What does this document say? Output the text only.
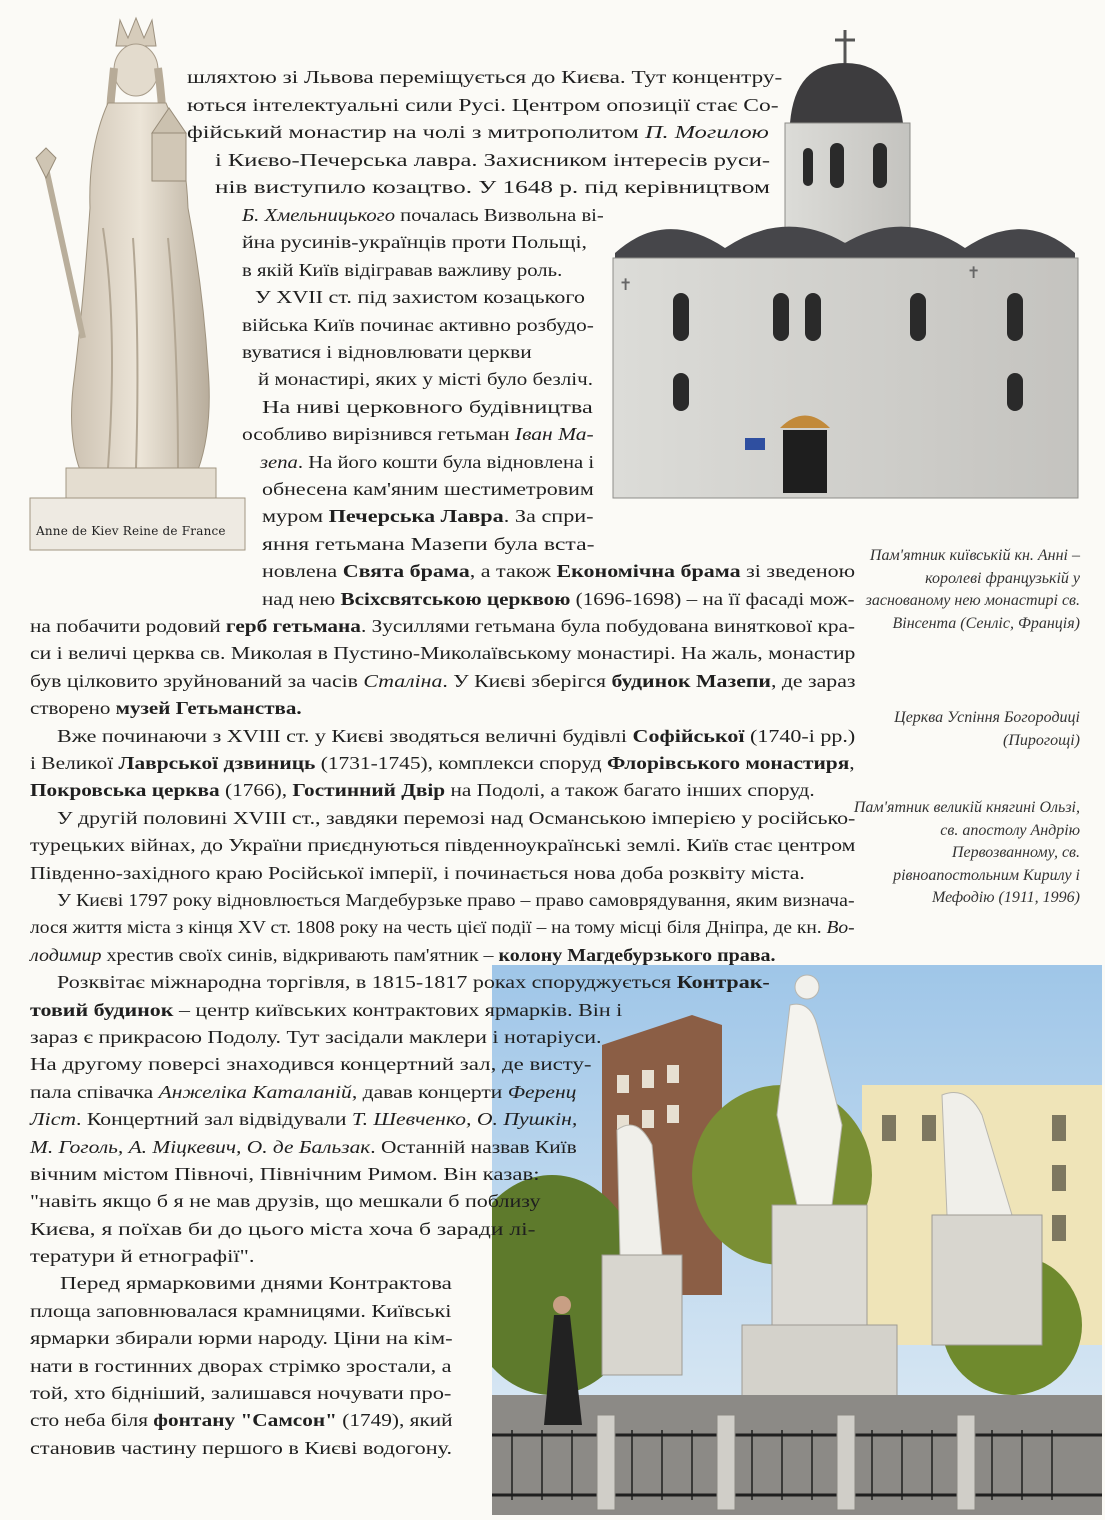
Anne de Kiev Reine de France
✝
✝
шляхтою зі Львова переміщується до Києва. Тут концентру-
ються інтелектуальні сили Русі. Центром опозиції стає Со-
фійський монастир на чолі з митрополитом П. Могилою
і Києво-Печерська лавра. Захисником інтересів руси-
нів виступило козацтво. У 1648 р. під керівництвом
Б. Хмельницького почалась Визвольна ві-
йна русинів-українців проти Польщі,
в якій Київ відігравав важливу роль.
У XVII ст. під захистом козацького
війська Київ починає активно розбудо-
вуватися і відновлювати церкви
й монастирі, яких у місті було безліч.
На ниві церковного будівництва
особливо вирізнився гетьман Іван Ма-
зепа. На його кошти була відновлена і
обнесена кам'яним шестиметровим
муром Печерська Лавра. За спри-
яння гетьмана Мазепи була вста-
новлена Свята брама, а також Економічна брама зі зведеною
над нею Всіхсвятською церквою (1696-1698) – на її фасаді мож-
на побачити родовий герб гетьмана. Зусиллями гетьмана була побудована виняткової кра-
си і величі церква св. Миколая в Пустино-Миколаївському монастирі. На жаль, монастир
був цілковито зруйнований за часів Сталіна. У Києві зберігся будинок Мазепи, де зараз
створено музей Гетьманства.
Вже починаючи з XVIII ст. у Києві зводяться величні будівлі Софійської (1740-і рр.)
і Великої Лаврської дзвиниць (1731-1745), комплекси споруд Флорівського монастиря,
Покровська церква (1766), Гостинний Двір на Подолі, а також багато інших споруд.
У другій половині XVIII ст., завдяки перемозі над Османською імперією у російсько-
турецьких війнах, до України приєднуються південноукраїнські землі. Київ стає центром
Південно-західного краю Російської імперії, і починається нова доба розквіту міста.
У Києві 1797 року відновлюється Магдебурзьке право – право самоврядування, яким визнача-
лося життя міста з кінця XV ст. 1808 року на честь цієї події – на тому місці біля Дніпра, де кн. Во-
лодимир хрестив своїх синів, відкривають пам'ятник – колону Магдебурзького права.
Розквітає міжнародна торгівля, в 1815-1817 роках споруджується Контрак-
товий будинок – центр київських контрактових ярмарків. Він і
зараз є прикрасою Подолу. Тут засідали маклери і нотаріуси.
На другому поверсі знаходився концертний зал, де висту-
пала співачка Анжеліка Каталаній, давав концерти Ференц
Ліст. Концертний зал відвідували Т. Шевченко, О. Пушкін,
М. Гоголь, А. Міцкевич, О. де Бальзак. Останній назвав Київ
вічним містом Півночі, Північним Римом. Він казав:
"навіть якщо б я не мав друзів, що мешкали б поблизу
Києва, я поїхав би до цього міста хоча б заради лі-
тератури й етнографії".
Перед ярмарковими днями Контрактова
площа заповнювалася крамницями. Київські
ярмарки збирали юрми народу. Ціни на кім-
нати в гостинних дворах стрімко зростали, а
той, хто бідніший, залишався ночувати про-
сто неба біля фонтану "Самсон" (1749), який
становив частину першого в Києві водогону.
Пам'ятник київській кн. Анні – королеві французькій у заснованому нею монастирі св. Вінсента (Сенліс, Франція)
Церква Успіння Богородиці (Пирогощі)
Пам'ятник великій княгині Ользі, св. апостолу Андрію Первозванному, св. рівноапостольним Кирилу і Мефодію (1911, 1996)
